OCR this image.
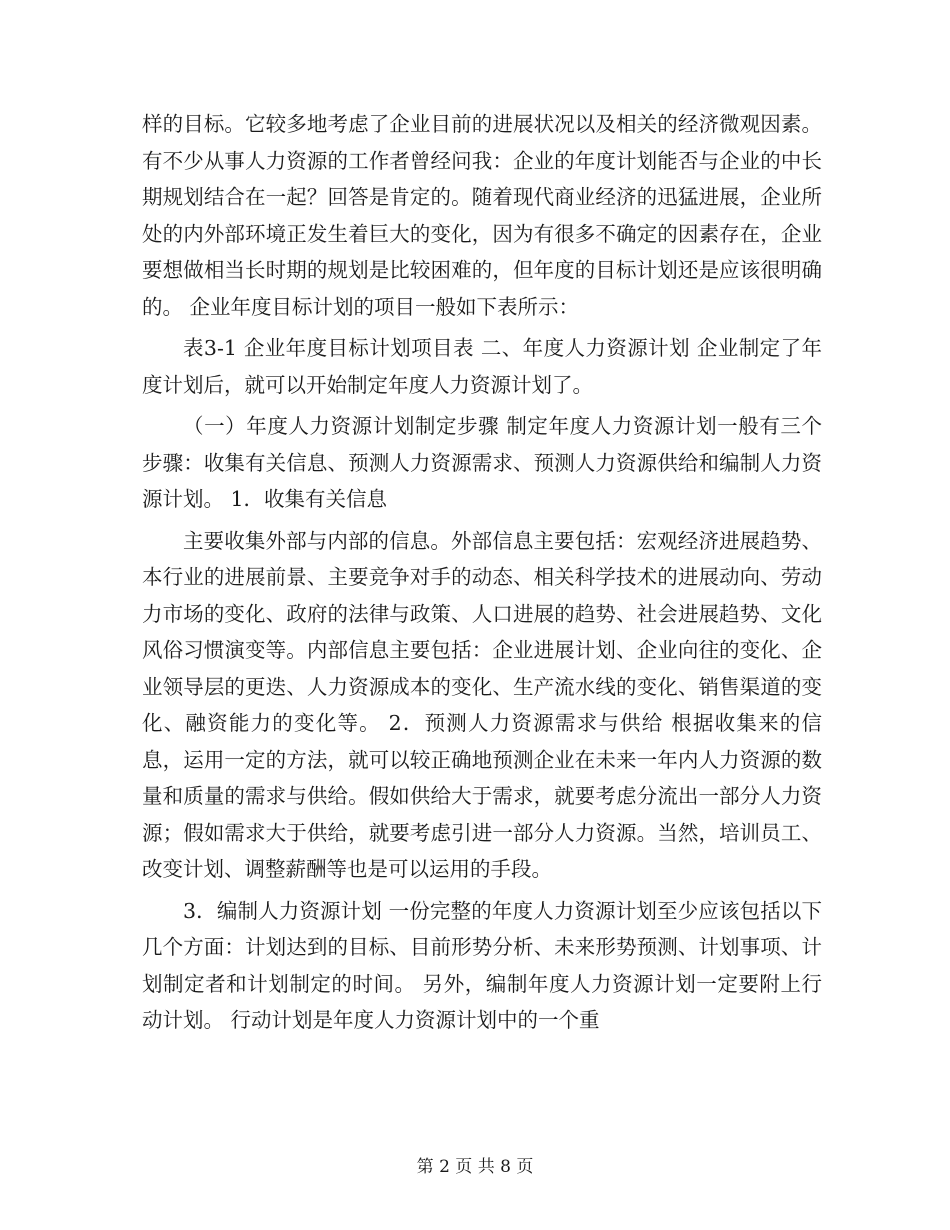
样的目标。它较多地考虑了企业目前的进展状况以及相关的经济微观因素。 有不少从事人力资源的工作者曾经问我：企业的年度计划能否与企业的中长期规划结合在一起？回答是肯定的。随着现代商业经济的迅猛进展，企业所处的内外部环境正发生着巨大的变化，因为有很多不确定的因素存在，企业要想做相当长时期的规划是比较困难的，但年度的目标计划还是应该很明确的。 企业年度目标计划的项目一般如下表所示：

表3-1 企业年度目标计划项目表 二、年度人力资源计划 企业制定了年度计划后，就可以开始制定年度人力资源计划了。

（一）年度人力资源计划制定步骤 制定年度人力资源计划一般有三个步骤：收集有关信息、预测人力资源需求、预测人力资源供给和编制人力资源计划。 1．收集有关信息

主要收集外部与内部的信息。外部信息主要包括：宏观经济进展趋势、本行业的进展前景、主要竞争对手的动态、相关科学技术的进展动向、劳动力市场的变化、政府的法律与政策、人口进展的趋势、社会进展趋势、文化风俗习惯演变等。内部信息主要包括：企业进展计划、企业向往的变化、企业领导层的更迭、人力资源成本的变化、生产流水线的变化、销售渠道的变化、融资能力的变化等。 2．预测人力资源需求与供给 根据收集来的信息，运用一定的方法，就可以较正确地预测企业在未来一年内人力资源的数量和质量的需求与供给。假如供给大于需求，就要考虑分流出一部分人力资源；假如需求大于供给，就要考虑引进一部分人力资源。当然，培训员工、改变计划、调整薪酬等也是可以运用的手段。

3．编制人力资源计划 一份完整的年度人力资源计划至少应该包括以下几个方面：计划达到的目标、目前形势分析、未来形势预测、计划事项、计划制定者和计划制定的时间。 另外，编制年度人力资源计划一定要附上行动计划。 行动计划是年度人力资源计划中的一个重

第 2 页 共 8 页
